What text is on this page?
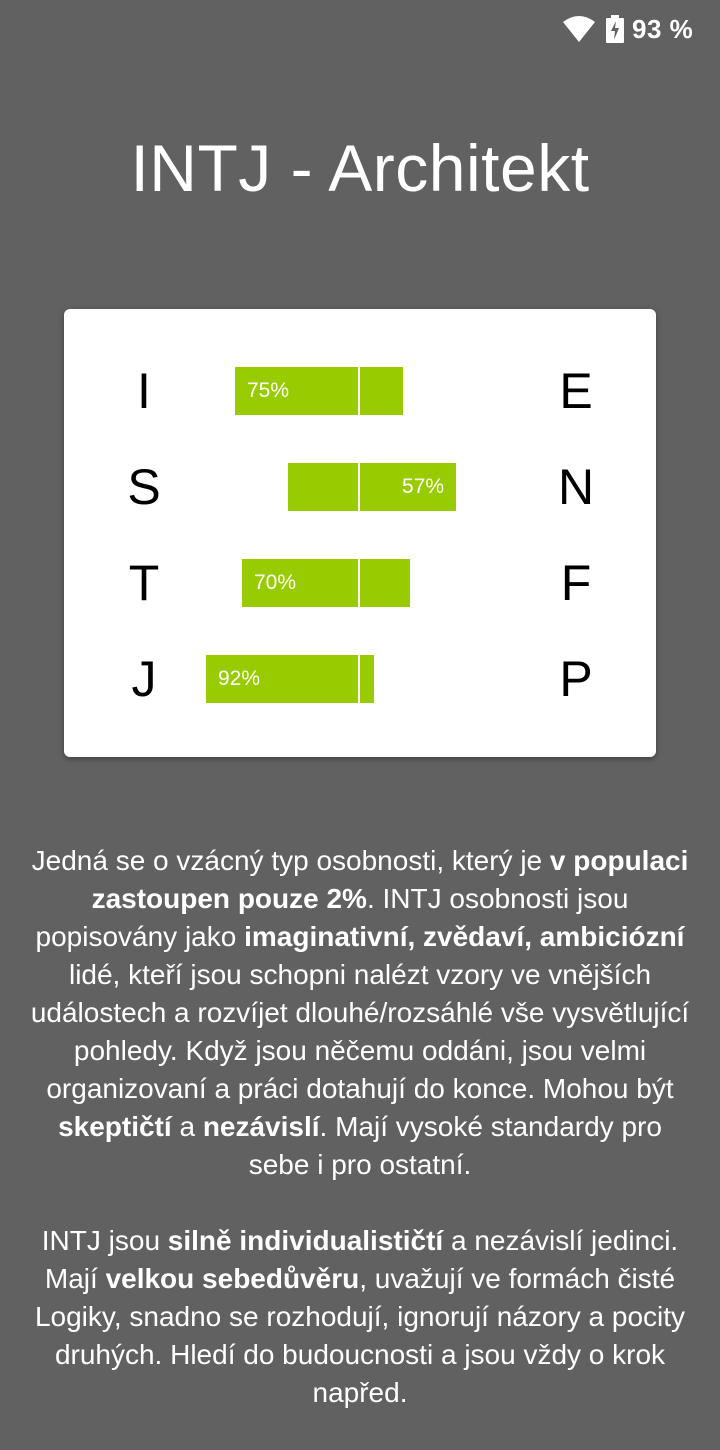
93 %
INTJ - Architekt
I	75%	E
S	57% N
T	70%	F
J	92%	P

Jedná se o vzácný typ osobnosti, který je v populaci zastoupen pouze 2%. INTJ osobnosti jsou popisovány jako imaginativní, zvědaví, ambiciózní lidé, kteří jsou schopni nalézt vzory ve vnějších událostech a rozvíjet dlouhé/rozsáhlé vše vysvětlující pohledy. Když jsou něčemu oddáni, jsou velmi organizovaní a práci dotahují do konce. Mohou být skeptičtí a nezávislí. Mají vysoké standardy pro sebe i pro ostatní.

INTJ jsou silně individualističtí a nezávislí jedinci. Mají velkou sebedůvěru, uvažují ve formách čisté Logiky, snadno se rozhodují, ignorují názory a pocity druhých. Hledí do budoucnosti a jsou vždy o krok napřed.
